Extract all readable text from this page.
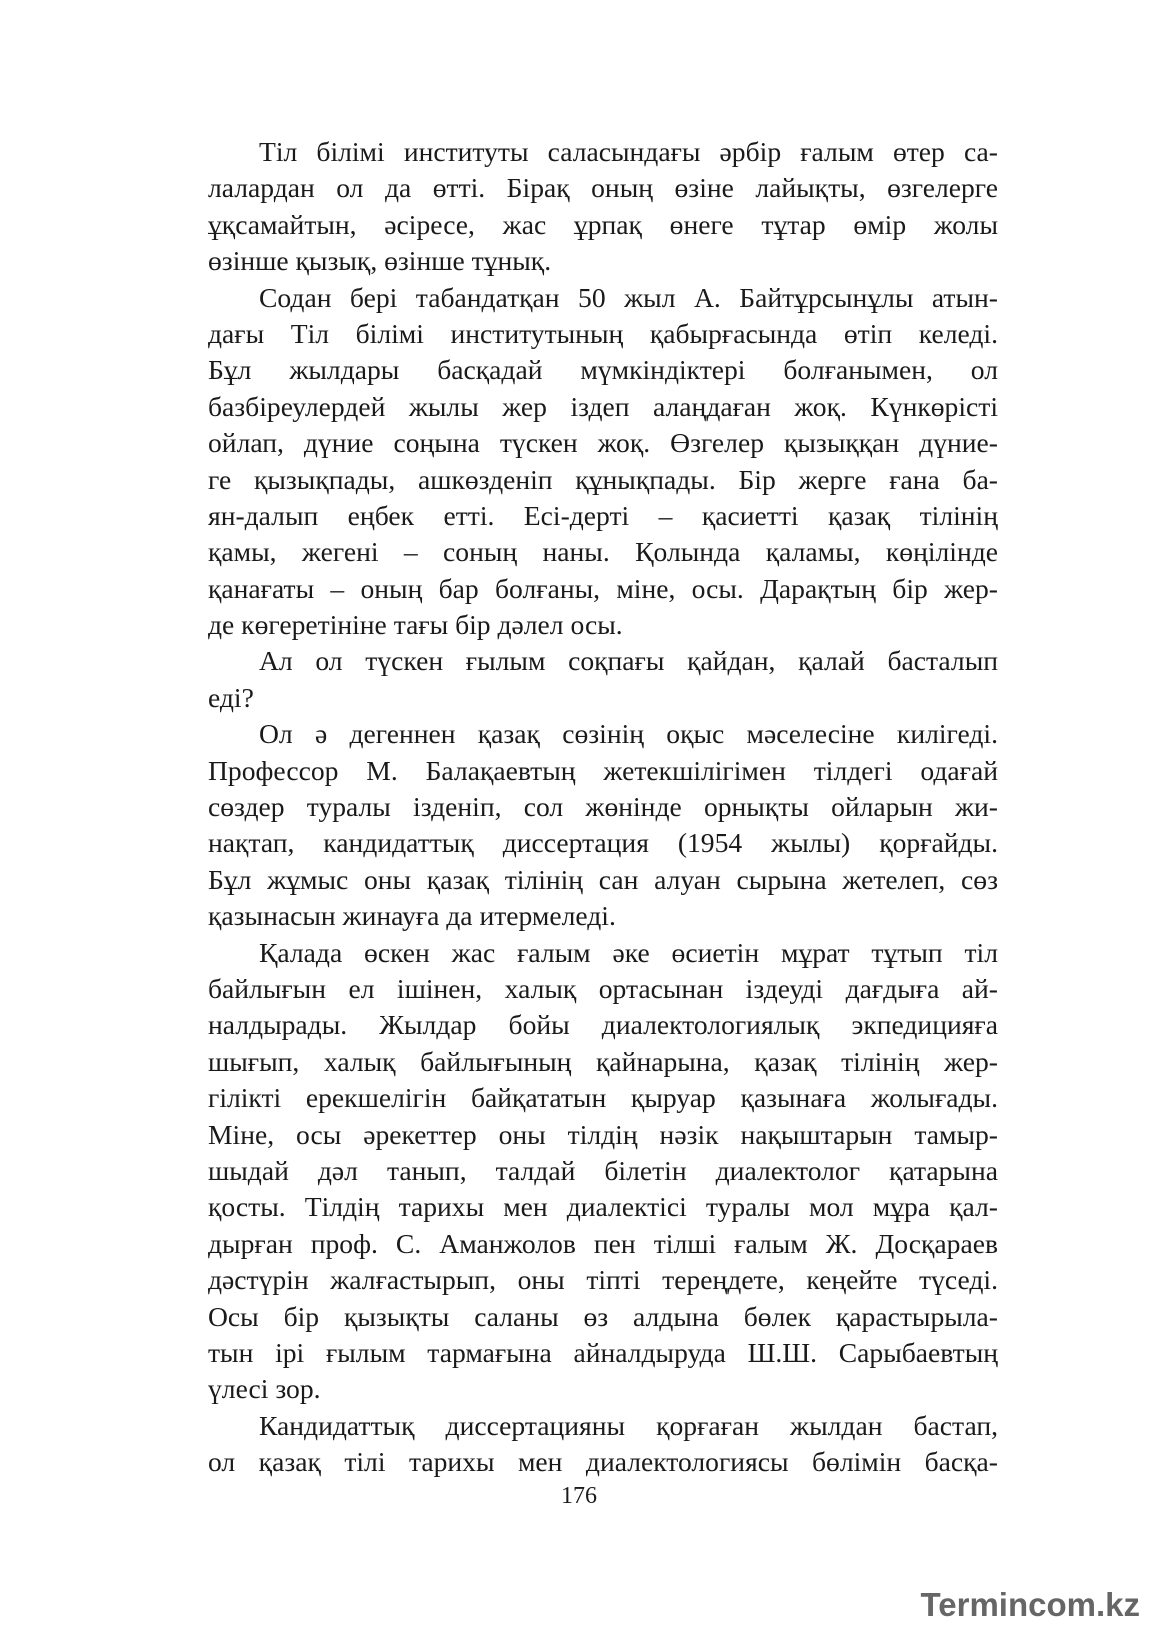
Тіл білімі институты саласындағы әрбір ғалым өтер са-
лалардан ол да өтті. Бірақ оның өзіне лайықты, өзгелерге
ұқсамайтын, әсіресе, жас ұрпақ өнеге тұтар өмір жолы
өзінше қызық, өзінше тұнық.
Содан бері табандатқан 50 жыл А. Байтұрсынұлы атын-
дағы Тіл білімі институтының қабырғасында өтіп келеді.
Бұл жылдары басқадай мүмкіндіктері болғанымен, ол
базбіреулердей жылы жер іздеп алаңдаған жоқ. Күнкөрісті
ойлап, дүние соңына түскен жоқ. Өзгелер қызыққан дүние-
ге қызықпады, ашкөзденіп құнықпады. Бір жерге ғана ба-
ян-далып еңбек етті. Есі-дерті – қасиетті қазақ тілінің
қамы, жегені – соның наны. Қолында қаламы, көңілінде
қанағаты – оның бар болғаны, міне, осы. Дарақтың бір жер-
де көгеретініне тағы бір дәлел осы.
Ал ол түскен ғылым соқпағы қайдан, қалай басталып
еді?
Ол ә дегеннен қазақ сөзінің оқыс мәселесіне килігеді.
Профессор М. Балақаевтың жетекшілігімен тілдегі одағай
сөздер туралы ізденіп, сол жөнінде орнықты ойларын жи-
нақтап, кандидаттық диссертация (1954 жылы) қорғайды.
Бұл жұмыс оны қазақ тілінің сан алуан сырына жетелеп, сөз
қазынасын жинауға да итермеледі.
Қалада өскен жас ғалым әке өсиетін мұрат тұтып тіл
байлығын ел ішінен, халық ортасынан іздеуді дағдыға ай-
налдырады. Жылдар бойы диалектологиялық экпедицияға
шығып, халық байлығының қайнарына, қазақ тілінің жер-
гілікті ерекшелігін байқататын қыруар қазынаға жолығады.
Міне, осы әрекеттер оны тілдің нәзік нақыштарын тамыр-
шыдай дәл танып, талдай білетін диалектолог қатарына
қосты. Тілдің тарихы мен диалектісі туралы мол мұра қал-
дырған проф. С. Аманжолов пен тілші ғалым Ж. Досқараев
дәстүрін жалғастырып, оны тіпті тереңдете, кеңейте түседі.
Осы бір қызықты саланы өз алдына бөлек қарастырыла-
тын ірі ғылым тармағына айналдыруда Ш.Ш. Сарыбаевтың
үлесі зор.
Кандидаттық диссертацияны қорғаған жылдан бастап,
ол қазақ тілі тарихы мен диалектологиясы бөлімін басқа-
176
Termincom.kz
